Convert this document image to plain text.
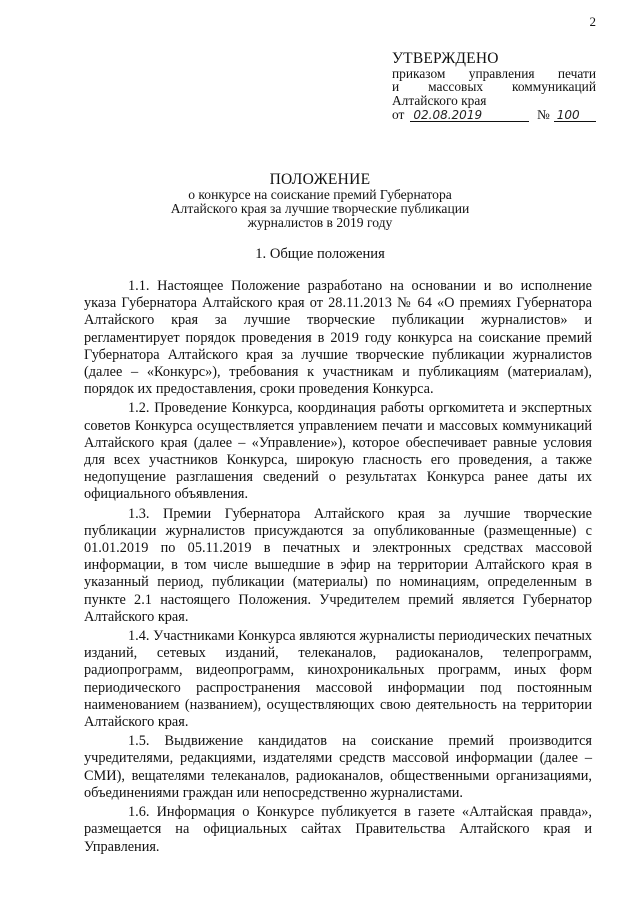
2
УТВЕРЖДЕНО
приказом управления печати
и массовых коммуникаций
Алтайского края
от 02.08.2019	№ 100
ПОЛОЖЕНИЕ
о конкурсе на соискание премий Губернатора
Алтайского края за лучшие творческие публикации
журналистов в 2019 году
1. Общие положения

1.1. Настоящее Положение разработано на основании и во исполнение указа Губернатора Алтайского края от 28.11.2013 № 64 «О премиях Губернатора Алтайского края за лучшие творческие публикации журналистов» и регламентирует порядок проведения в 2019 году конкурса на соискание премий Губернатора Алтайского края за лучшие творческие публикации журналистов (далее – «Конкурс»), требования к участникам и публикациям (материалам), порядок их предоставления, сроки проведения Конкурса.

1.2. Проведение Конкурса, координация работы оргкомитета и экспертных советов Конкурса осуществляется управлением печати и массовых коммуникаций Алтайского края (далее – «Управление»), которое обеспечивает равные условия для всех участников Конкурса, широкую гласность его проведения, а также недопущение разглашения сведений о результатах Конкурса ранее даты их официального объявления.

1.3. Премии Губернатора Алтайского края за лучшие творческие публикации журналистов присуждаются за опубликованные (размещенные) с 01.01.2019 по 05.11.2019 в печатных и электронных средствах массовой информации, в том числе вышедшие в эфир на территории Алтайского края в указанный период, публикации (материалы) по номинациям, определенным в пункте 2.1 настоящего Положения. Учредителем премий является Губернатор Алтайского края.

1.4. Участниками Конкурса являются журналисты периодических печатных изданий, сетевых изданий, телеканалов, радиоканалов, телепрограмм, радиопрограмм, видеопрограмм, кинохроникальных программ, иных форм периодического распространения массовой информации под постоянным наименованием (названием), осуществляющих свою деятельность на территории Алтайского края.

1.5. Выдвижение кандидатов на соискание премий производится учредителями, редакциями, издателями средств массовой информации (далее – СМИ), вещателями телеканалов, радиоканалов, общественными организациями, объединениями граждан или непосредственно журналистами.

1.6. Информация о Конкурсе публикуется в газете «Алтайская правда», размещается на официальных сайтах Правительства Алтайского края и Управления.
